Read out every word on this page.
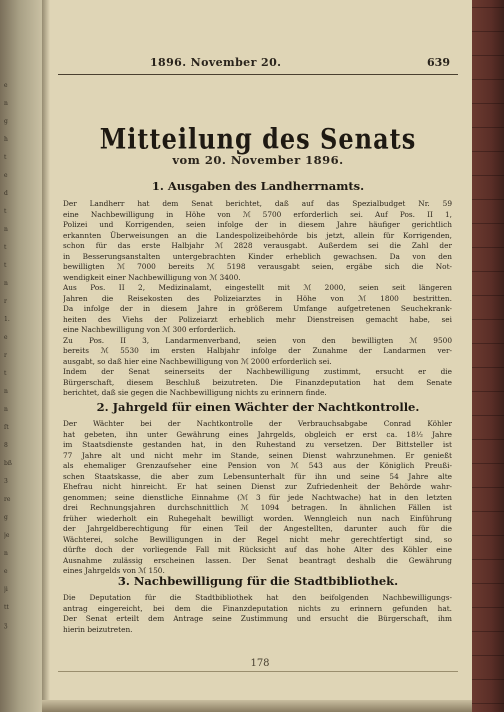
e
n
g
h
t
e
d
t
n
t
t
n
r
1.
e
r
t
n
n
ſt
8
bß
3
re
g
je
n
e
ji
tt
ʒ
1896. November 20.	639
Mitteilung des Senats
vom 20. November 1896.
1. Ausgaben des Landherrnamts.
Der Landherr hat dem Senat berichtet, daß auf das Spezialbudget Nr. 59
eine Nachbewilligung in Höhe von ℳ 5700 erforderlich sei. Auf Pos. II 1,
Polizei und Korrigenden, seien infolge der in diesem Jahre häufiger gerichtlich
erkannten Überweisungen an die Landespolizeibehörde bis jetzt, allein für Korrigenden,
schon für das erste Halbjahr ℳ 2828 verausgabt. Außerdem sei die Zahl der
in Besserungsanstalten untergebrachten Kinder erheblich gewachsen. Da von den
bewilligten ℳ 7000 bereits ℳ 5198 verausgabt seien, ergäbe sich die Not-
wendigkeit einer Nachbewilligung von ℳ 3400.
Aus Pos. II 2, Medizinalamt, eingestellt mit ℳ 2000, seien seit längeren
Jahren die Reisekosten des Polizeiarztes in Höhe von ℳ 1800 bestritten.
Da infolge der in diesem Jahre in größerem Umfange aufgetretenen Seuchekrank-
heiten des Viehs der Polizeiarzt erheblich mehr Dienstreisen gemacht habe, sei
eine Nachbewilligung von ℳ 300 erforderlich.
Zu Pos. II 3, Landarmenverband, seien von den bewilligten ℳ 9500
bereits ℳ 5530 im ersten Halbjahr infolge der Zunahme der Landarmen ver-
ausgabt, so daß hier eine Nachbewilligung von ℳ 2000 erforderlich sei.
Indem der Senat seinerseits der Nachbewilligung zustimmt, ersucht er die
Bürgerschaft, diesem Beschluß beizutreten. Die Finanzdeputation hat dem Senate
berichtet, daß sie gegen die Nachbewilligung nichts zu erinnern finde.
2. Jahrgeld für einen Wächter der Nachtkontrolle.
Der Wächter bei der Nachtkontrolle der Verbrauchsabgabe Conrad Köhler
hat gebeten, ihn unter Gewährung eines Jahrgelds, obgleich er erst ca. 18¹⁄₂ Jahre
im Staatsdienste gestanden hat, in den Ruhestand zu versetzen. Der Bittsteller ist
77 Jahre alt und nicht mehr im Stande, seinen Dienst wahrzunehmen. Er genießt
als ehemaliger Grenzaufseher eine Pension von ℳ 543 aus der Königlich Preußi-
schen Staatskasse, die aber zum Lebensunterhalt für ihn und seine 54 Jahre alte
Ehefrau nicht hinreicht. Er hat seinen Dienst zur Zufriedenheit der Behörde wahr-
genommen; seine dienstliche Einnahme (ℳ 3 für jede Nachtwache) hat in den letzten
drei Rechnungsjahren durchschnittlich ℳ 1094 betragen. In ähnlichen Fällen ist
früher wiederholt ein Ruhegehalt bewilligt worden. Wenngleich nun nach Einführung
der Jahrgeldberechtigung für einen Teil der Angestellten, darunter auch für die
Wächterei, solche Bewilligungen in der Regel nicht mehr gerechtfertigt sind, so
dürfte doch der vorliegende Fall mit Rücksicht auf das hohe Alter des Köhler eine
Ausnahme zulässig erscheinen lassen. Der Senat beantragt deshalb die Gewährung
eines Jahrgelds von ℳ 150.
3. Nachbewilligung für die Stadtbibliothek.
Die Deputation für die Stadtbibliothek hat den beifolgenden Nachbewilligungs-
antrag eingereicht, bei dem die Finanzdeputation nichts zu erinnern gefunden hat.
Der Senat erteilt dem Antrage seine Zustimmung und ersucht die Bürgerschaft, ihm
hierin beizutreten.
178
